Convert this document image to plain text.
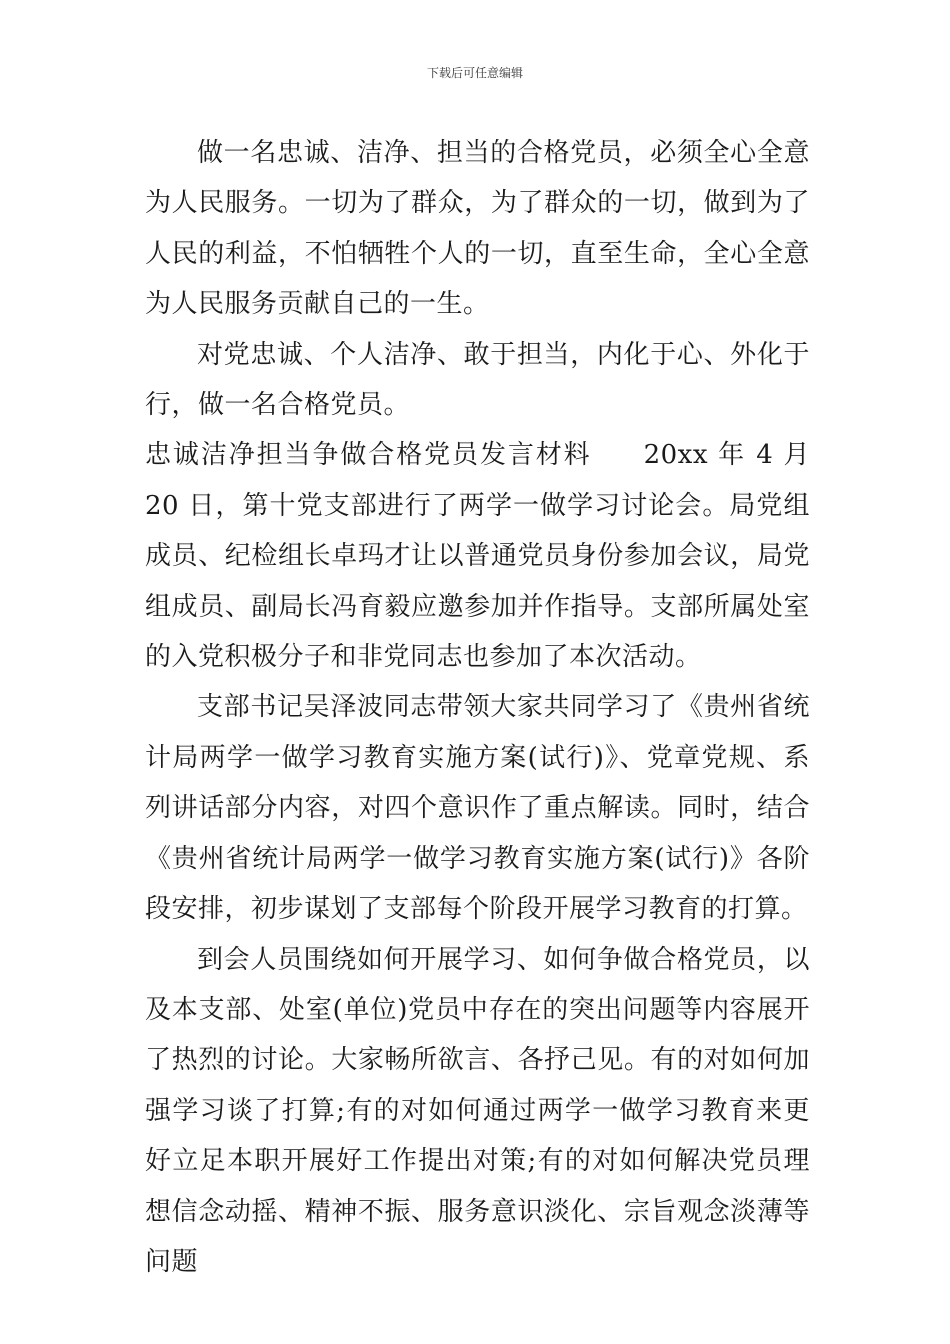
下载后可任意编辑

做一名忠诚、洁净、担当的合格党员，必须全心全意为人民服务。一切为了群众，为了群众的一切，做到为了人民的利益，不怕牺牲个人的一切，直至生命，全心全意为人民服务贡献自己的一生。

对党忠诚、个人洁净、敢于担当，内化于心、外化于行，做一名合格党员。

忠诚洁净担当争做合格党员发言材料 20xx 年 4 月 20 日，第十党支部进行了两学一做学习讨论会。局党组成员、纪检组长卓玛才让以普通党员身份参加会议，局党组成员、副局长冯育毅应邀参加并作指导。支部所属处室的入党积极分子和非党同志也参加了本次活动。

支部书记吴泽波同志带领大家共同学习了《贵州省统计局两学一做学习教育实施方案(试行)》、党章党规、系列讲话部分内容，对四个意识作了重点解读。同时，结合《贵州省统计局两学一做学习教育实施方案(试行)》各阶段安排，初步谋划了支部每个阶段开展学习教育的打算。

到会人员围绕如何开展学习、如何争做合格党员，以及本支部、处室(单位)党员中存在的突出问题等内容展开了热烈的讨论。大家畅所欲言、各抒己见。有的对如何加强学习谈了打算;有的对如何通过两学一做学习教育来更好立足本职开展好工作提出对策;有的对如何解决党员理想信念动摇、精神不振、服务意识淡化、宗旨观念淡薄等问题
